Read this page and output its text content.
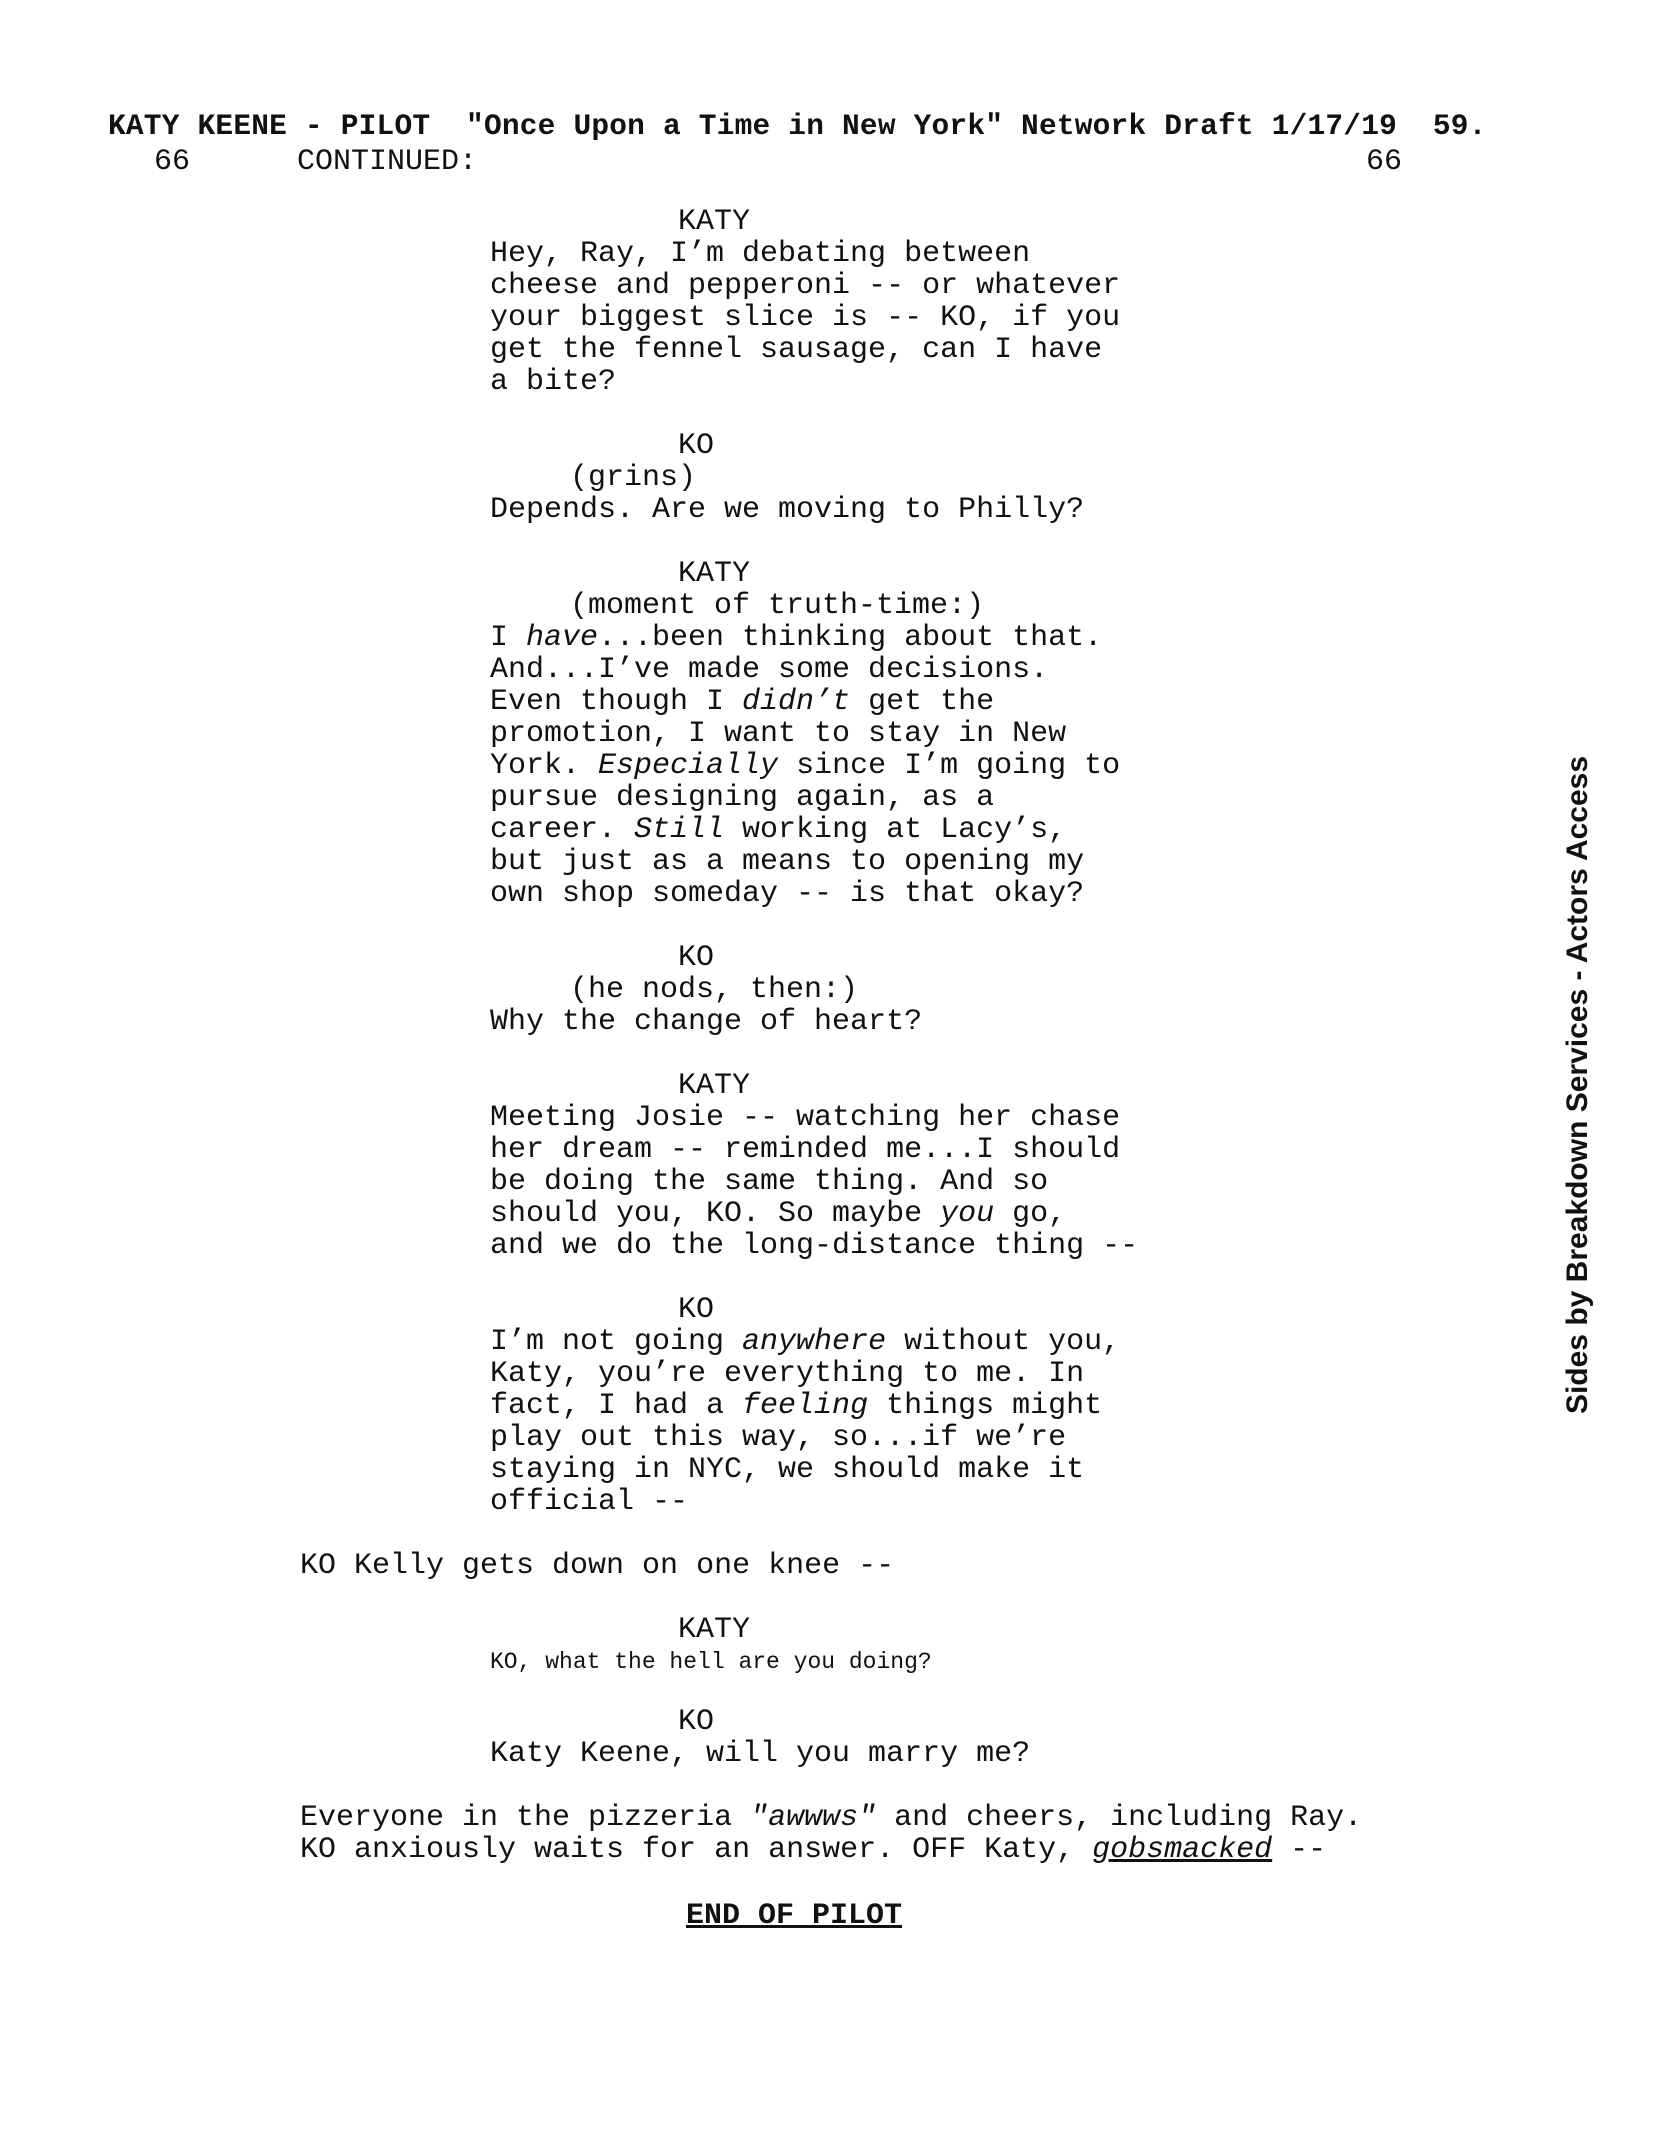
KATY KEENE - PILOT  "Once Upon a Time in New York" Network Draft 1/17/19  59.
66	CONTINUED:	66
KATY
Hey, Ray, I’m debating between
cheese and pepperoni -- or whatever
your biggest slice is -- KO, if you
get the fennel sausage, can I have
a bite?
KO
(grins)
Depends. Are we moving to Philly?
KATY
(moment of truth-time:)
I have...been thinking about that.
And...I’ve made some decisions.
Even though I didn’t get the
promotion, I want to stay in New
York. Especially since I’m going to
pursue designing again, as a
career. Still working at Lacy’s,
but just as a means to opening my
own shop someday -- is that okay?
KO
(he nods, then:)
Why the change of heart?
KATY
Meeting Josie -- watching her chase
her dream -- reminded me...I should
be doing the same thing. And so
should you, KO. So maybe you go,
and we do the long-distance thing --
KO
I’m not going anywhere without you,
Katy, you’re everything to me. In
fact, I had a feeling things might
play out this way, so...if we’re
staying in NYC, we should make it
official --
KO Kelly gets down on one knee --
KATY
KO, what the hell are you doing?
KO
Katy Keene, will you marry me?
Everyone in the pizzeria "awwws" and cheers, including Ray.
KO anxiously waits for an answer. OFF Katy, gobsmacked --
END OF PILOT
Sides by Breakdown Services - Actors Access
